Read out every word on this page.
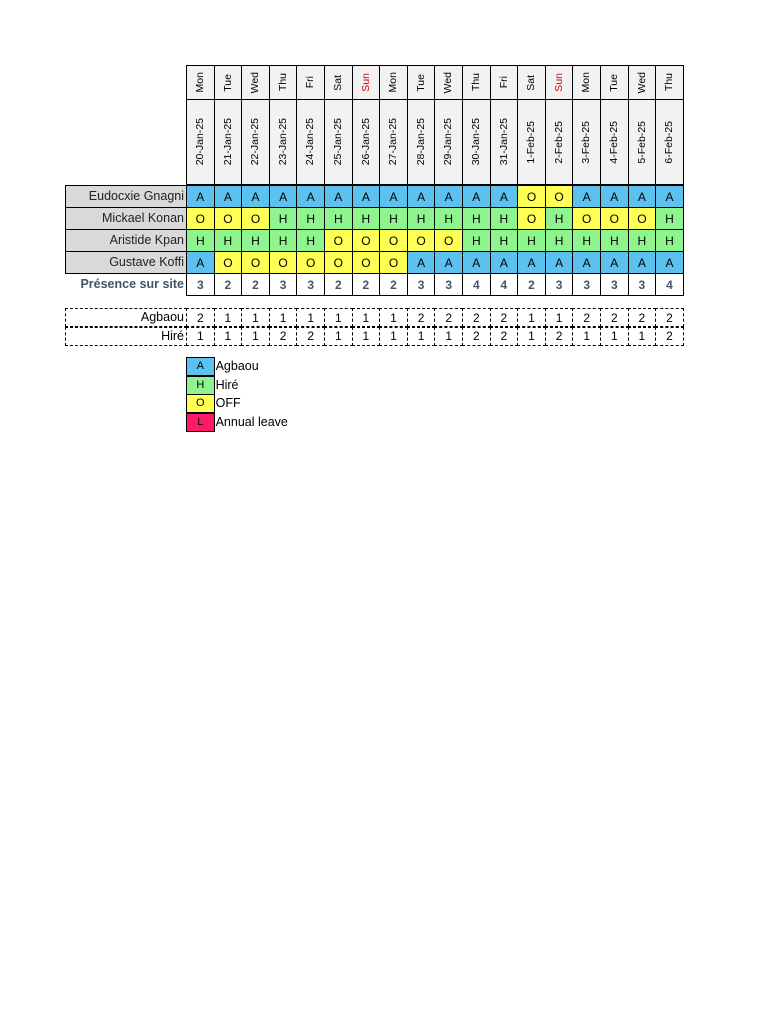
Mon Tue Wed Thu Fri Sat Sun Mon Tue Wed Thu Fri Sat Sun Mon Tue Wed Thu
20-Jan-25 21-Jan-25 22-Jan-25 23-Jan-25 24-Jan-25 25-Jan-25 26-Jan-25 27-Jan-25 28-Jan-25 29-Jan-25 30-Jan-25 31-Jan-25 1-Feb-25 2-Feb-25 3-Feb-25 4-Feb-25 5-Feb-25 6-Feb-25
Eudocxie Gnagni	A	A	A	A	A	A	A	A	A	A	A	A	O	O	A	A	A	A
Mickael Konan O	O	O	H	H	H	H	H	H	H	H	H	O	H	O	O	O	H
Aristide Kpan H	H	H	H	H	O	O	O	O	O	H	H	H	H	H	H	H	H
Gustave Koffi	A	O	O	O	O	O	O	O	A	A	A	A	A	A	A	A	A	A
Présence sur site	3	2	2	3	3	2	2	2	3	3	4	4	2	3	3	3	3	4
Agbaou	2	1	1	1	1	1	1	1	2	2	2	2	1	1	2	2	2	2
Hiré	1	1	1	2	2	1	1	1	1	1	2	2	1	2	1	1	1	2
A Agbaou
H Hiré
O OFF
L Annual leave
